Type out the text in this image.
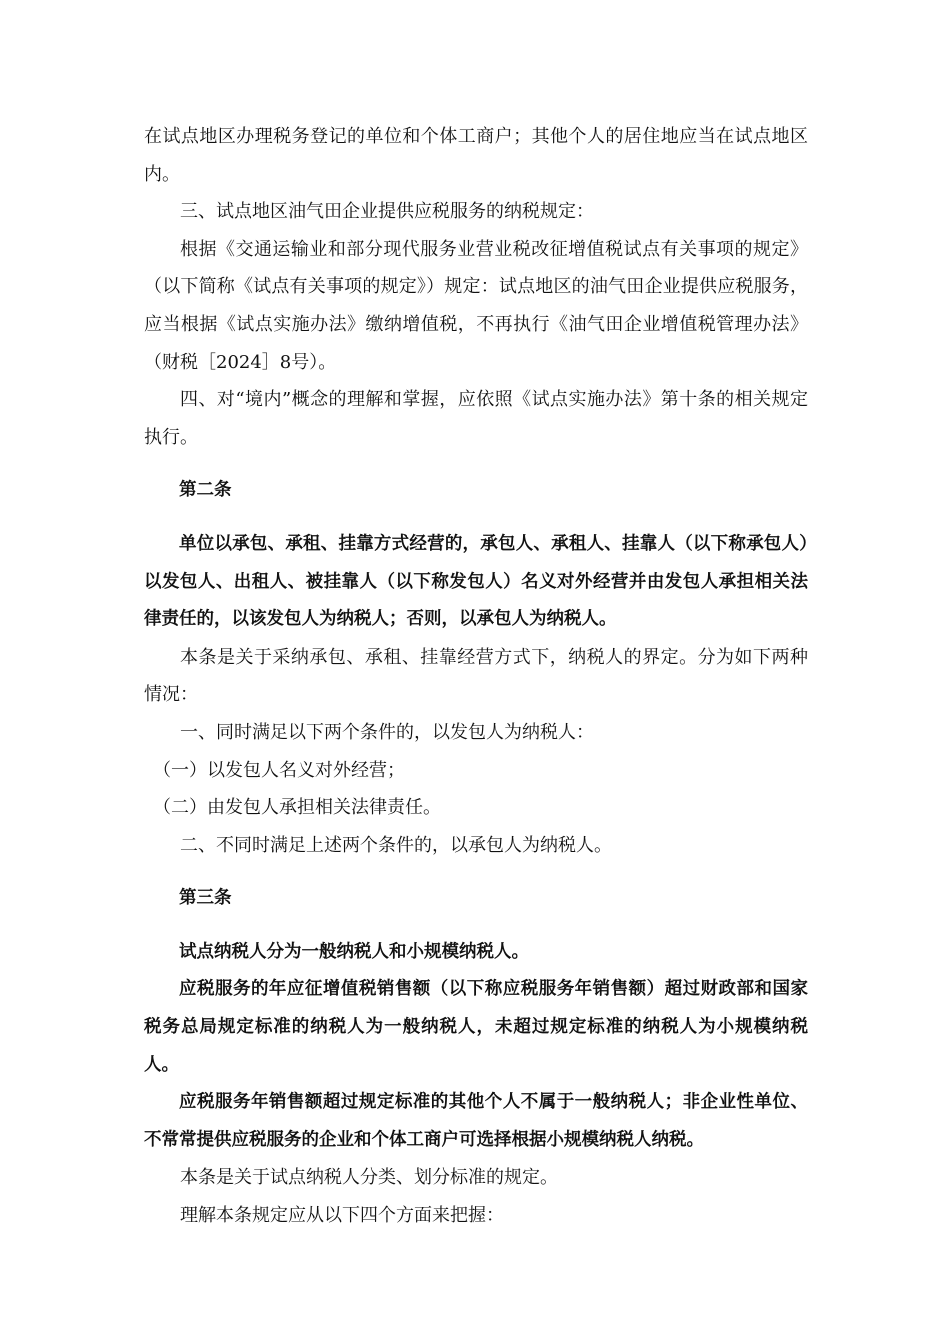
在试点地区办理税务登记的单位和个体工商户；其他个人的居住地应当在试点地区内。

三、试点地区油气田企业提供应税服务的纳税规定：

根据《交通运输业和部分现代服务业营业税改征增值税试点有关事项的规定》（以下简称《试点有关事项的规定》）规定：试点地区的油气田企业提供应税服务，应当根据《试点实施办法》缴纳增值税，不再执行《油气田企业增值税管理办法》（财税［2024］8号）。

四、对“境内”概念的理解和掌握，应依照《试点实施办法》第十条的相关规定执行。

第二条

单位以承包、承租、挂靠方式经营的，承包人、承租人、挂靠人（以下称承包人）以发包人、出租人、被挂靠人（以下称发包人）名义对外经营并由发包人承担相关法律责任的，以该发包人为纳税人；否则，以承包人为纳税人。

本条是关于采纳承包、承租、挂靠经营方式下，纳税人的界定。分为如下两种情况：

一、同时满足以下两个条件的，以发包人为纳税人：

（一）以发包人名义对外经营；

（二）由发包人承担相关法律责任。

二、不同时满足上述两个条件的，以承包人为纳税人。

第三条

试点纳税人分为一般纳税人和小规模纳税人。

应税服务的年应征增值税销售额（以下称应税服务年销售额）超过财政部和国家税务总局规定标准的纳税人为一般纳税人，未超过规定标准的纳税人为小规模纳税人。

应税服务年销售额超过规定标准的其他个人不属于一般纳税人；非企业性单位、不常常提供应税服务的企业和个体工商户可选择根据小规模纳税人纳税。

本条是关于试点纳税人分类、划分标准的规定。

理解本条规定应从以下四个方面来把握：
